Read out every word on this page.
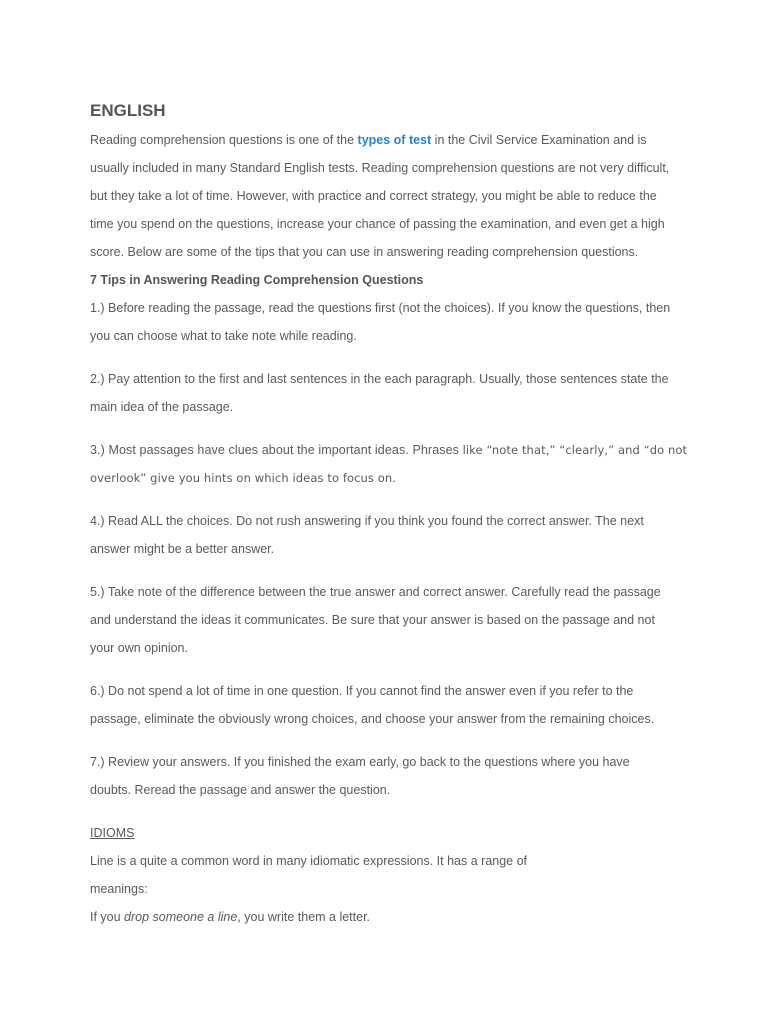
ENGLISH

Reading comprehension questions is one of the types of test in the Civil Service Examination and is

usually included in many Standard English tests. Reading comprehension questions are not very difficult,

but they take a lot of time. However, with practice and correct strategy, you might be able to reduce the

time you spend on the questions, increase your chance of passing the examination, and even get a high

score. Below are some of the tips that you can use in answering reading comprehension questions.

7 Tips in Answering Reading Comprehension Questions

1.) Before reading the passage, read the questions first (not the choices). If you know the questions, then

you can choose what to take note while reading.

2.) Pay attention to the first and last sentences in the each paragraph. Usually, those sentences state the

main idea of the passage.

3.) Most passages have clues about the important ideas. Phrases like “note that,” “clearly,” and “do not

overlook” give you hints on which ideas to focus on.

4.) Read ALL the choices. Do not rush answering if you think you found the correct answer. The next

answer might be a better answer.

5.) Take note of the difference between the true answer and correct answer. Carefully read the passage

and understand the ideas it communicates. Be sure that your answer is based on the passage and not

your own opinion.

6.) Do not spend a lot of time in one question. If you cannot find the answer even if you refer to the

passage, eliminate the obviously wrong choices, and choose your answer from the remaining choices.

7.) Review your answers. If you finished the exam early, go back to the questions where you have

doubts. Reread the passage and answer the question.

IDIOMS

Line is a quite a common word in many idiomatic expressions. It has a range of

meanings:

If you drop someone a line, you write them a letter.
